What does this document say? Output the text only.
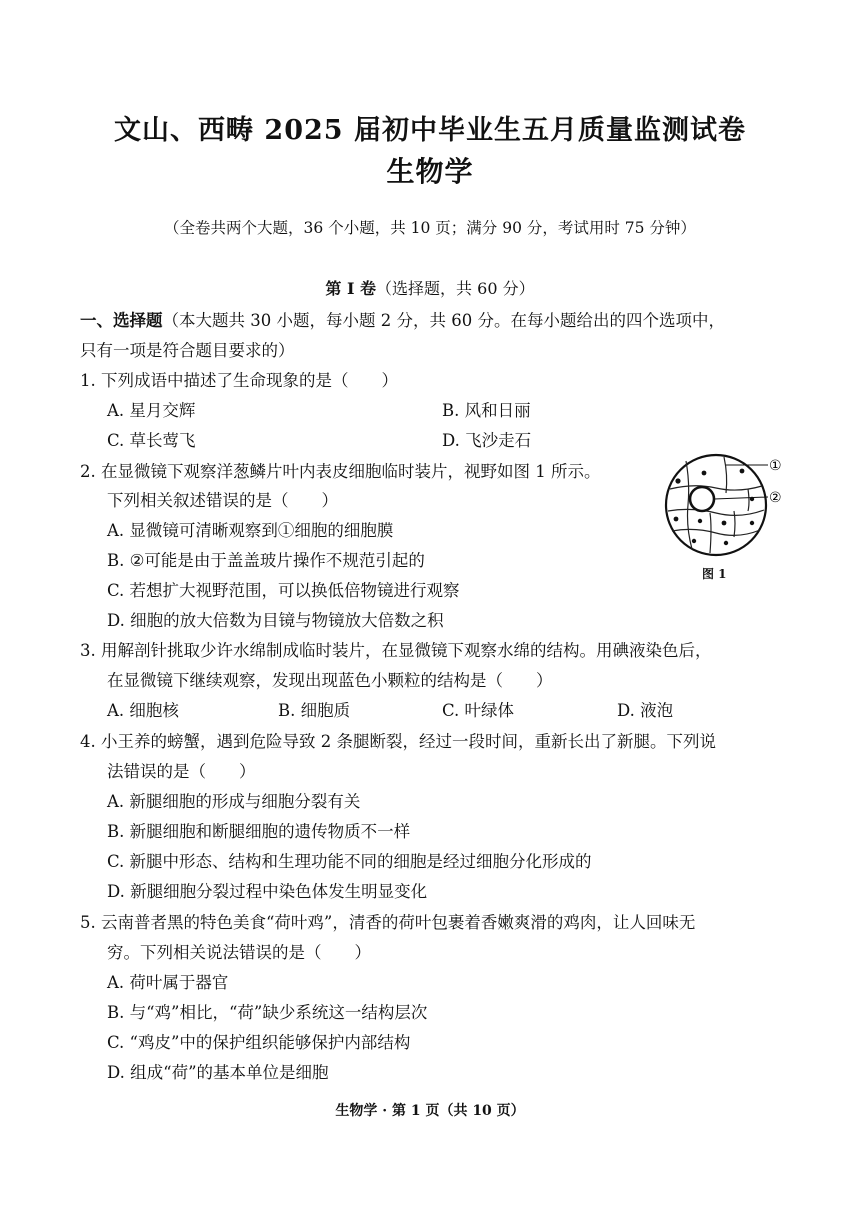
文山、西畴 2025 届初中毕业生五月质量监测试卷
生物学
（全卷共两个大题，36 个小题，共 10 页；满分 90 分，考试用时 75 分钟）
第 I 卷（选择题，共 60 分）
一、选择题（本大题共 30 小题，每小题 2 分，共 60 分。在每小题给出的四个选项中，
只有一项是符合题目要求的）
1. 下列成语中描述了生命现象的是（　　）
A. 星月交辉	B. 风和日丽
C. 草长莺飞	D. 飞沙走石
2. 在显微镜下观察洋葱鳞片叶内表皮细胞临时装片，视野如图 1 所示。
下列相关叙述错误的是（　　）
A. 显微镜可清晰观察到①细胞的细胞膜
B. ②可能是由于盖盖玻片操作不规范引起的
C. 若想扩大视野范围，可以换低倍物镜进行观察
D. 细胞的放大倍数为目镜与物镜放大倍数之积
①
②
图 1
3. 用解剖针挑取少许水绵制成临时装片，在显微镜下观察水绵的结构。用碘液染色后，
在显微镜下继续观察，发现出现蓝色小颗粒的结构是（　　）
A. 细胞核	B. 细胞质	C. 叶绿体	D. 液泡
4. 小王养的螃蟹，遇到危险导致 2 条腿断裂，经过一段时间，重新长出了新腿。下列说
法错误的是（　　）
A. 新腿细胞的形成与细胞分裂有关
B. 新腿细胞和断腿细胞的遗传物质不一样
C. 新腿中形态、结构和生理功能不同的细胞是经过细胞分化形成的
D. 新腿细胞分裂过程中染色体发生明显变化
5. 云南普者黑的特色美食“荷叶鸡”，清香的荷叶包裹着香嫩爽滑的鸡肉，让人回味无
穷。下列相关说法错误的是（　　）
A. 荷叶属于器官
B. 与“鸡”相比，“荷”缺少系统这一结构层次
C. “鸡皮”中的保护组织能够保护内部结构
D. 组成“荷”的基本单位是细胞
生物学 · 第 1 页（共 10 页）
